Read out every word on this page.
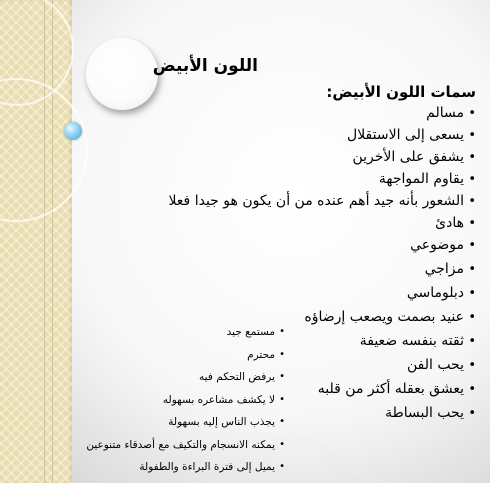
اللون الأبيض
سمات اللون الأبيض:
• مسالم
• يسعى إلى الاستقلال
• يشفق على الأخرين
• يقاوم المواجهة
• الشعور بأنه جيد أهم عنده من أن يكون هو جيدا فعلا
• هادئ
• موضوعي
• مزاجي
• دبلوماسي
• عنيد بصمت ويصعب إرضاؤه
• ثقته بنفسه ضعيفة
• يحب الفن
• يعشق بعقله أكثر من قلبه
• يحب البساطة
• مستمع جيد
• محترم
• يرفض التحكم فيه
• لا يكشف مشاعره بسهوله
• يجذب الناس إليه بسهولة
• يمكنه الانسجام والتكيف مع أصدقاء متنوعين
• يميل إلى فترة البراءة والطفولة
